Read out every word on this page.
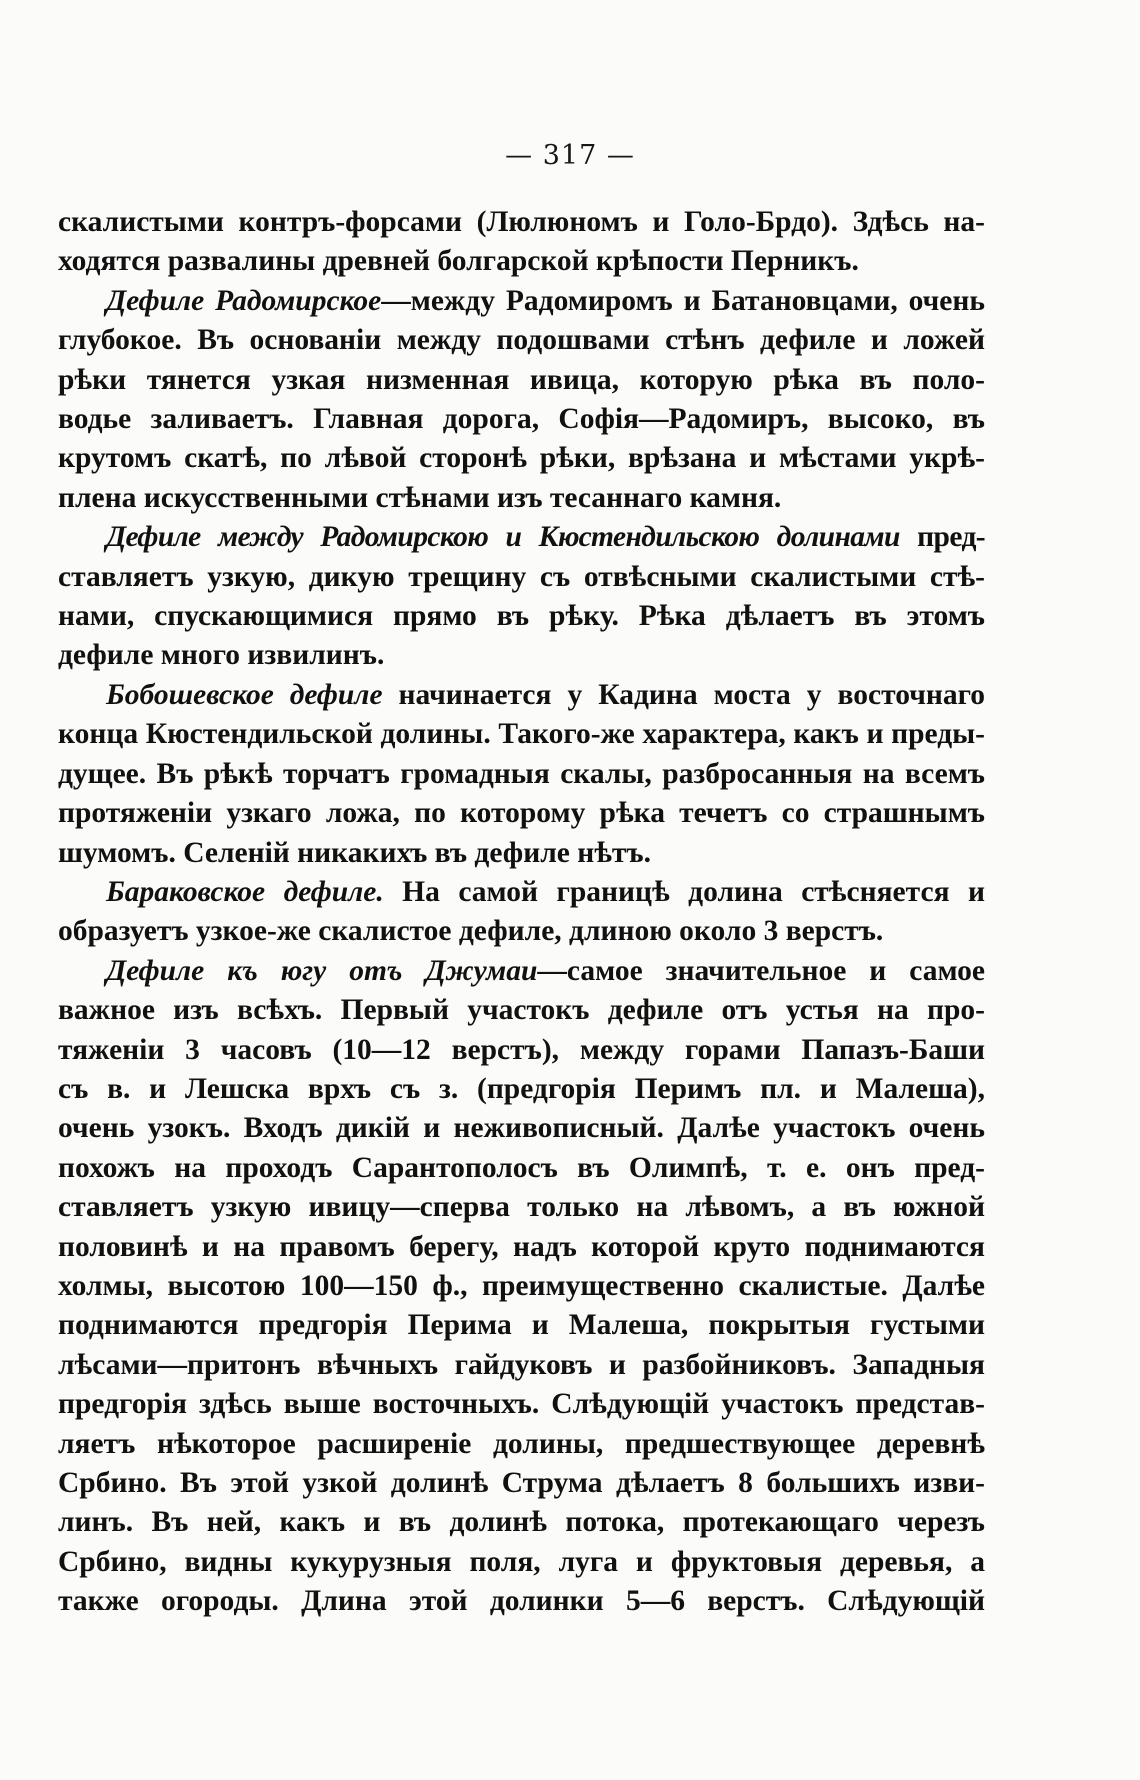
— 317 —
скалистыми контръ-форсами (Люлюномъ и Голо-Брдо). Здѣсь на-
ходятся развалины древней болгарской крѣпости Перникъ.
Дефиле Радомирское—между Радомиромъ и Батановцами, очень
глубокое. Въ основаніи между подошвами стѣнъ дефиле и ложей
рѣки тянется узкая низменная ивица, которую рѣка въ поло-
водье заливаетъ. Главная дорога, Софія—Радомиръ, высоко, въ
крутомъ скатѣ, по лѣвой сторонѣ рѣки, врѣзана и мѣстами укрѣ-
плена искусственными стѣнами изъ тесаннаго камня.
Дефиле между Радомирскою и Кюстендильскою долинами пред-
ставляетъ узкую, дикую трещину съ отвѣсными скалистыми стѣ-
нами, спускающимися прямо въ рѣку. Рѣка дѣлаетъ въ этомъ
дефиле много извилинъ.
Бобошевское дефиле начинается у Кадина моста у восточнаго
конца Кюстендильской долины. Такого-же характера, какъ и преды-
дущее. Въ рѣкѣ торчатъ громадныя скалы, разбросанныя на всемъ
протяженіи узкаго ложа, по которому рѣка течетъ со страшнымъ
шумомъ. Селеній никакихъ въ дефиле нѣтъ.
Бараковское дефиле. На самой границѣ долина стѣсняется и
образуетъ узкое-же скалистое дефиле, длиною около 3 верстъ.
Дефиле къ югу отъ Джумаи—самое значительное и самое
важное изъ всѣхъ. Первый участокъ дефиле отъ устья на про-
тяженіи 3 часовъ (10—12 верстъ), между горами Папазъ-Баши
съ в. и Лешска врхъ съ з. (предгорія Перимъ пл. и Малеша),
очень узокъ. Входъ дикій и неживописный. Далѣе участокъ очень
похожъ на проходъ Сарантополосъ въ Олимпѣ, т. е. онъ пред-
ставляетъ узкую ивицу—сперва только на лѣвомъ, а въ южной
половинѣ и на правомъ берегу, надъ которой круто поднимаются
холмы, высотою 100—150 ф., преимущественно скалистые. Далѣе
поднимаются предгорія Перима и Малеша, покрытыя густыми
лѣсами—притонъ вѣчныхъ гайдуковъ и разбойниковъ. Западныя
предгорія здѣсь выше восточныхъ. Слѣдующій участокъ представ-
ляетъ нѣкоторое расширеніе долины, предшествующее деревнѣ
Србино. Въ этой узкой долинѣ Струма дѣлаетъ 8 большихъ изви-
линъ. Въ ней, какъ и въ долинѣ потока, протекающаго черезъ
Србино, видны кукурузныя поля, луга и фруктовыя деревья, а
также огороды. Длина этой долинки 5—6 верстъ. Слѣдующій
